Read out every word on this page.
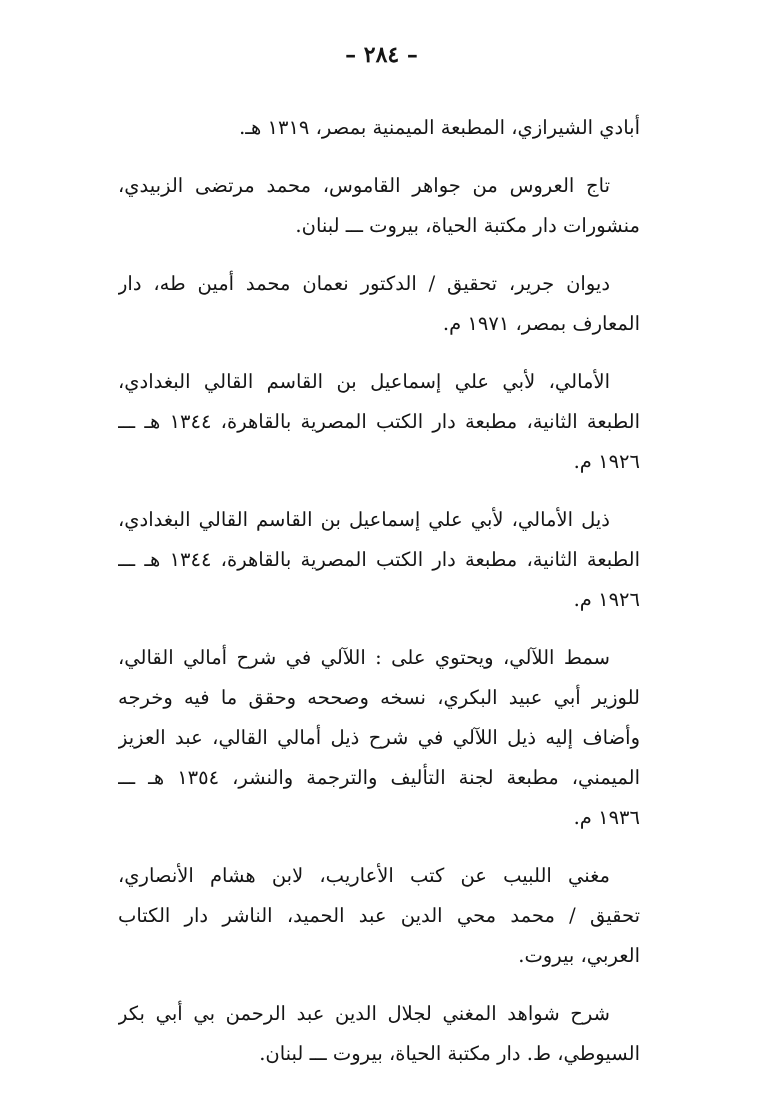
– ٢٨٤ –
أبادي الشيرازي، المطبعة الميمنية بمصر، ١٣١٩ هـ.
تاج العروس من جواهر القاموس، محمد مرتضى الزبيدي،
منشورات دار مكتبة الحياة، بيروت ـــ لبنان.
ديوان جرير، تحقيق / الدكتور نعمان محمد أمين طه، دار
المعارف بمصر، ١٩٧١ م.
الأمالي، لأبي علي إسماعيل بن القاسم القالي البغدادي،
الطبعة الثانية، مطبعة دار الكتب المصرية بالقاهرة، ١٣٤٤ هـ ـــ
١٩٢٦ م.
ذيل الأمالي، لأبي علي إسماعيل بن القاسم القالي البغدادي،
الطبعة الثانية، مطبعة دار الكتب المصرية بالقاهرة، ١٣٤٤ هـ ـــ
١٩٢٦ م.
سمط اللآلي، ويحتوي على : اللآلي في شرح أمالي القالي،
للوزير أبي عبيد البكري، نسخه وصححه وحقق ما فيه وخرجه
وأضاف إليه ذيل اللآلي في شرح ذيل أمالي القالي، عبد العزيز
الميمني، مطبعة لجنة التأليف والترجمة والنشر، ١٣٥٤ هـ ـــ
١٩٣٦ م.
مغني اللبيب عن كتب الأعاريب، لابن هشام الأنصاري،
تحقيق / محمد محي الدين عبد الحميد، الناشر دار الكتاب
العربي، بيروت.
شرح شواهد المغني لجلال الدين عبد الرحمن بي أبي بكر
السيوطي، ط. دار مكتبة الحياة، بيروت ـــ لبنان.
